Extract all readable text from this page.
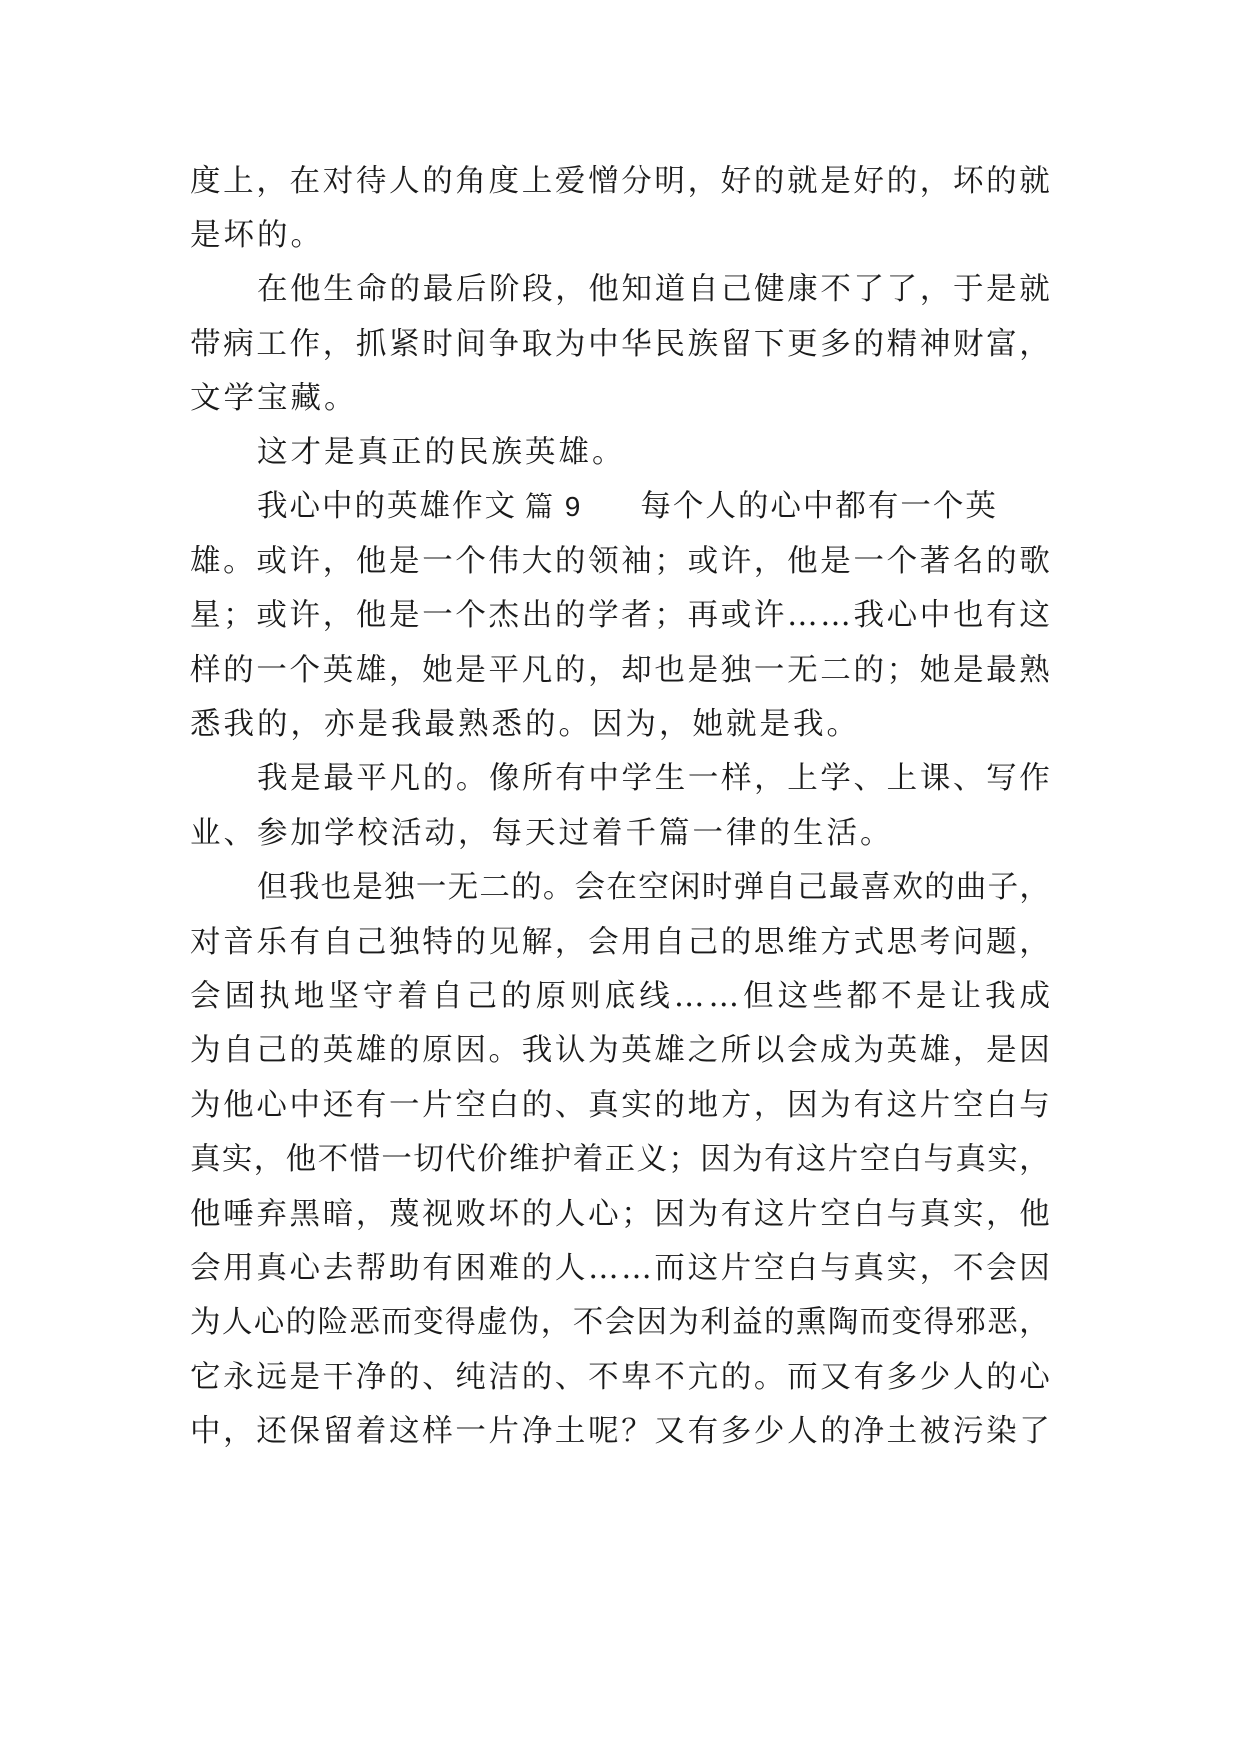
度 上 ， 在 对 待 人 的 角 度 上 爱 憎 分 明 ， 好 的 就 是 好 的 ， 坏 的 就
是坏的。
在 他 生 命 的 最 后 阶 段 ， 他 知 道 自 己 健 康 不 了 了 ， 于 是 就
带 病 工 作 ， 抓 紧 时 间 争 取 为 中 华 民 族 留 下 更 多 的 精 神 财 富 ，
文学宝藏。
这才是真正的民族英雄。
我心中的英雄作文 篇 9 每个人的心中都有一个英
雄 。 或 许 ， 他 是 一 个 伟 大 的 领 袖 ； 或 许 ， 他 是 一 个 著 名 的 歌
星 ； 或 许 ， 他 是 一 个 杰 出 的 学 者 ； 再 或 许 … … 我 心 中 也 有 这
样 的 一 个 英 雄 ， 她 是 平 凡 的 ， 却 也 是 独 一 无 二 的 ； 她 是 最 熟
悉我的，亦是我最熟悉的。因为，她就是我。
我 是 最 平 凡 的 。 像 所 有 中 学 生 一 样 ， 上 学 、 上 课 、 写 作
业、参加学校活动，每天过着千篇一律的生活。
但 我 也 是 独 一 无 二 的 。 会 在 空 闲 时 弹 自 己 最 喜 欢 的 曲 子 ，
对 音 乐 有 自 己 独 特 的 见 解 ， 会 用 自 己 的 思 维 方 式 思 考 问 题 ，
会 固 执 地 坚 守 着 自 己 的 原 则 底 线 … … 但 这 些 都 不 是 让 我 成
为 自 己 的 英 雄 的 原 因 。 我 认 为 英 雄 之 所 以 会 成 为 英 雄 ， 是 因
为 他 心 中 还 有 一 片 空 白 的 、 真 实 的 地 方 ， 因 为 有 这 片 空 白 与
真 实 ， 他 不 惜 一 切 代 价 维 护 着 正 义 ； 因 为 有 这 片 空 白 与 真 实 ，
他 唾 弃 黑 暗 ， 蔑 视 败 坏 的 人 心 ； 因 为 有 这 片 空 白 与 真 实 ， 他
会 用 真 心 去 帮 助 有 困 难 的 人 … … 而 这 片 空 白 与 真 实 ， 不 会 因
为 人 心 的 险 恶 而 变 得 虚 伪 ， 不 会 因 为 利 益 的 熏 陶 而 变 得 邪 恶 ，
它 永 远 是 干 净 的 、 纯 洁 的 、 不 卑 不 亢 的 。 而 又 有 多 少 人 的 心
中 ， 还 保 留 着 这 样 一 片 净 土 呢 ？ 又 有 多 少 人 的 净 土 被 污 染 了
